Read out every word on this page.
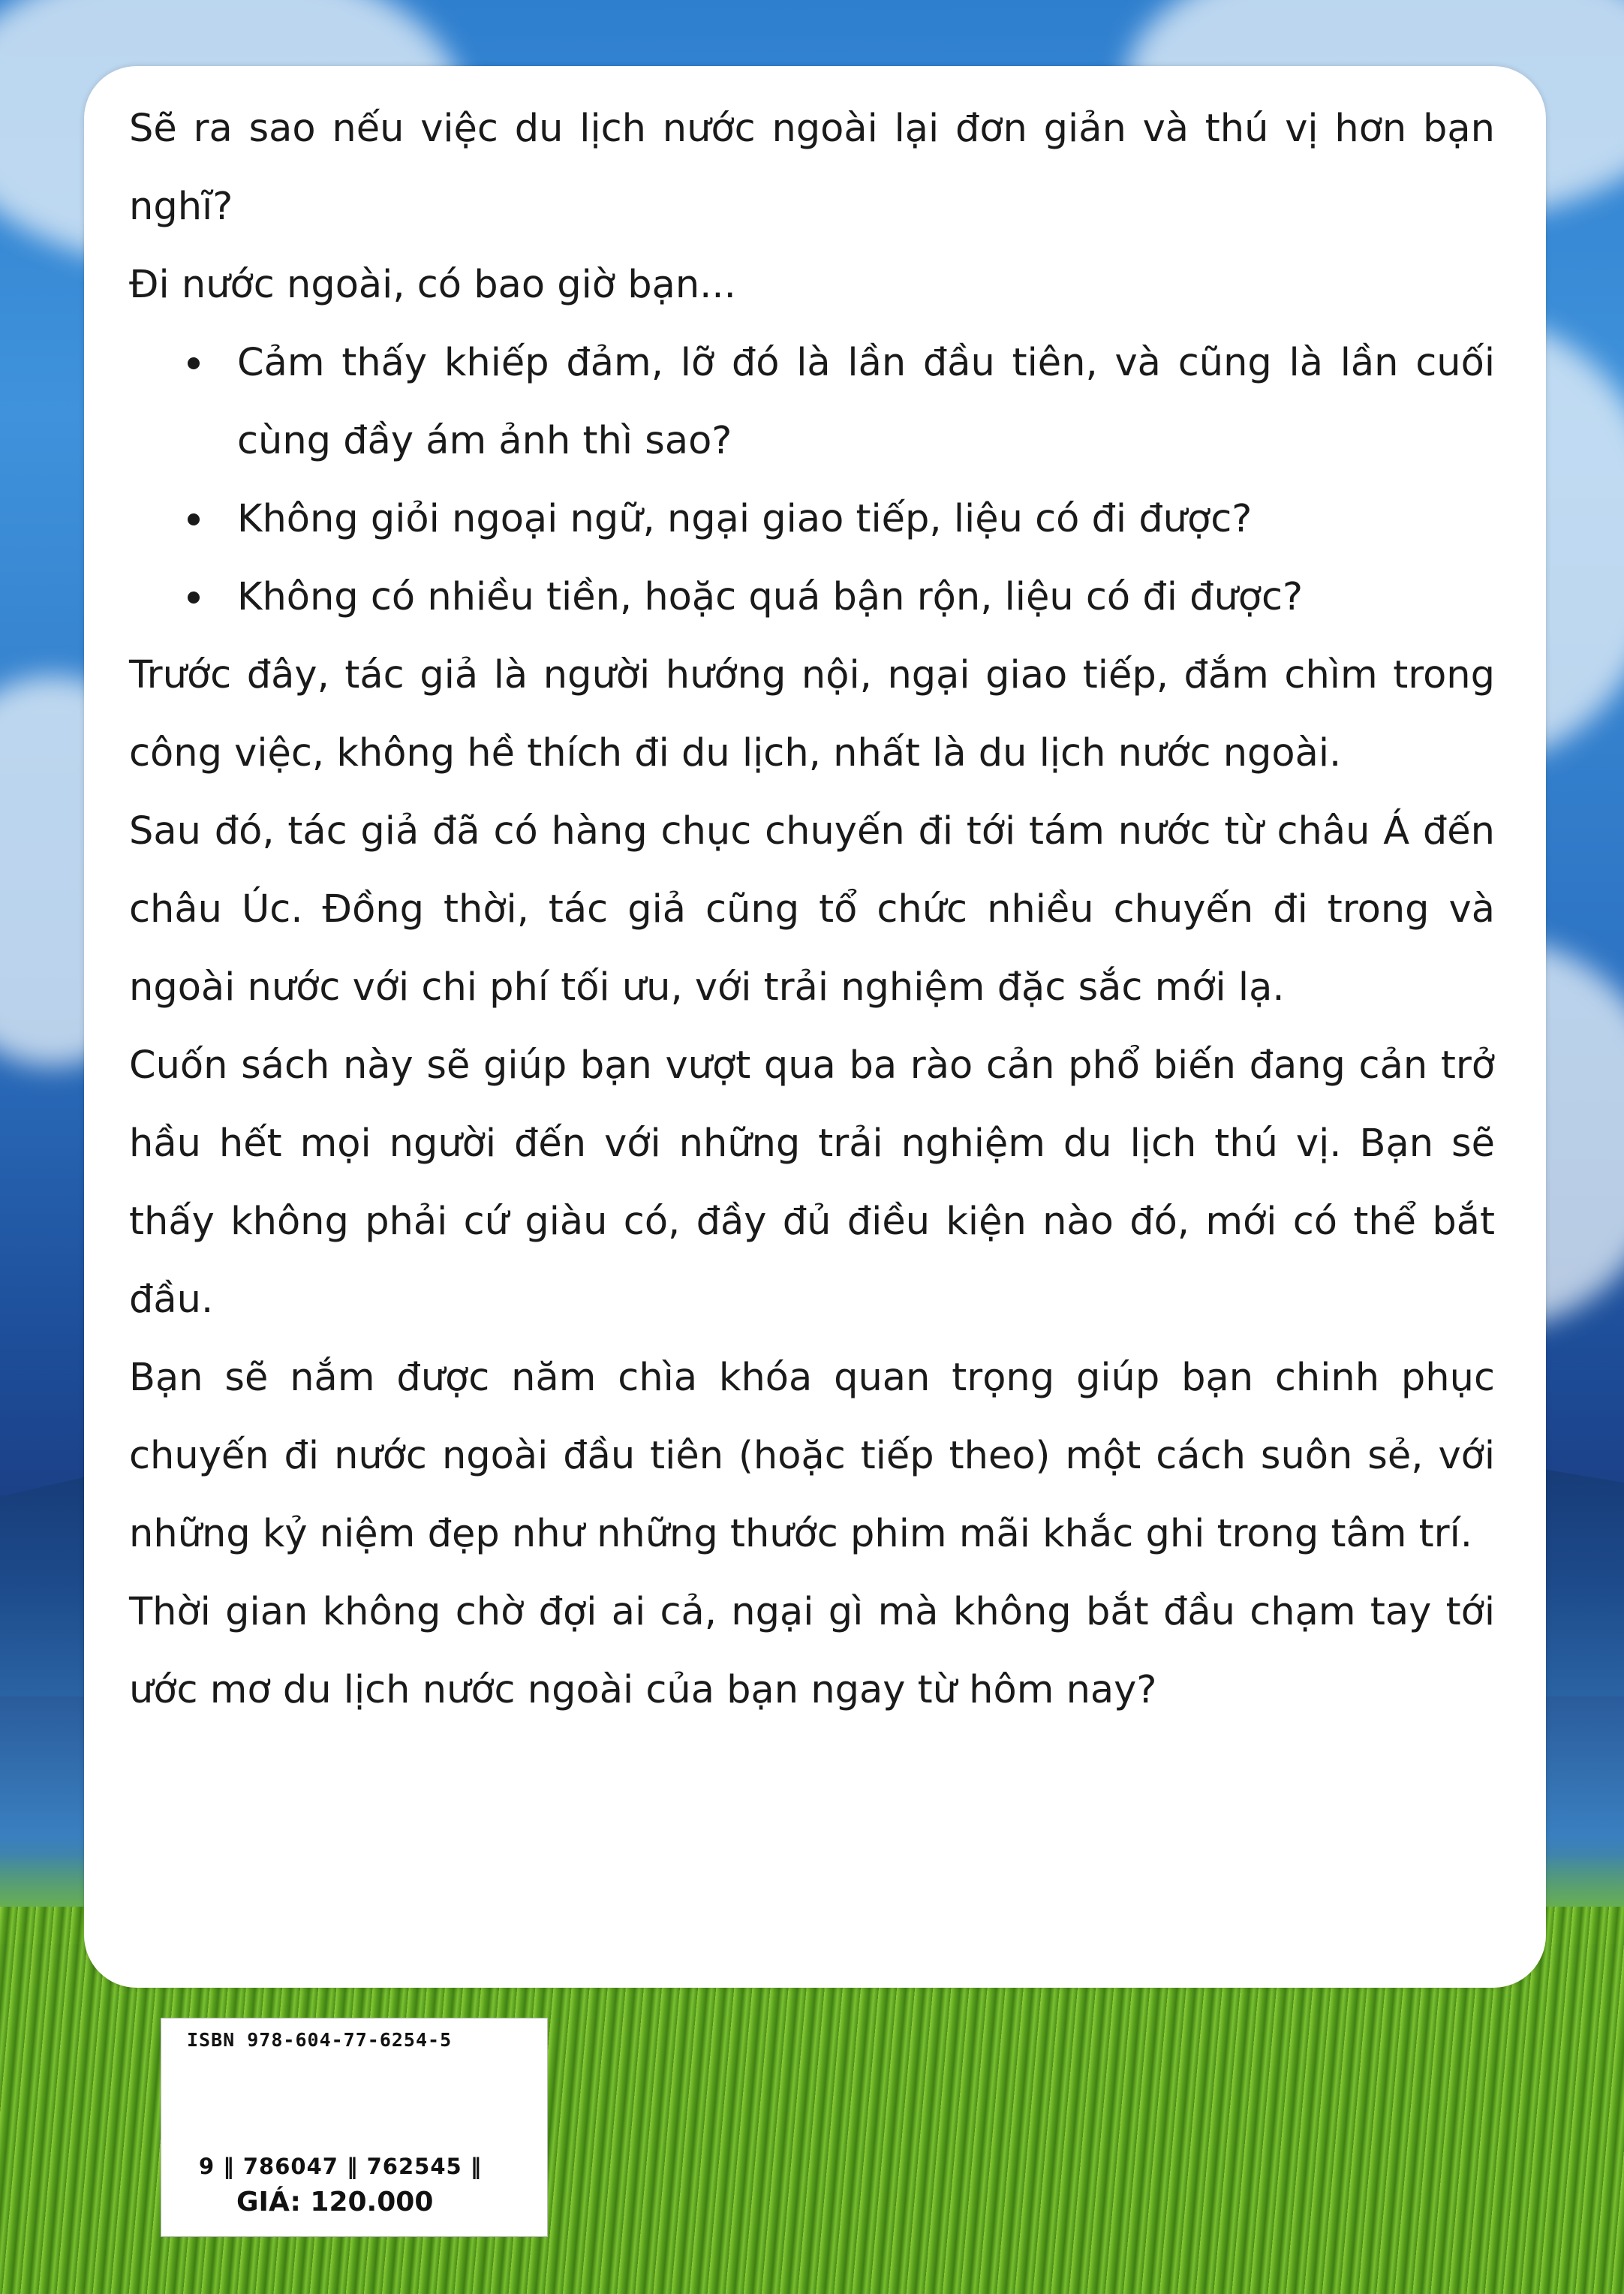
Sẽ ra sao nếu việc du lịch nước ngoài lại đơn giản và thú vị hơn bạn nghĩ?

Đi nước ngoài, có bao giờ bạn...

Cảm thấy khiếp đảm, lỡ đó là lần đầu tiên, và cũng là lần cuối cùng đầy ám ảnh thì sao?
Không giỏi ngoại ngữ, ngại giao tiếp, liệu có đi được?
Không có nhiều tiền, hoặc quá bận rộn, liệu có đi được?

Trước đây, tác giả là người hướng nội, ngại giao tiếp, đắm chìm trong công việc, không hề thích đi du lịch, nhất là du lịch nước ngoài.

Sau đó, tác giả đã có hàng chục chuyến đi tới tám nước từ châu Á đến châu Úc. Đồng thời, tác giả cũng tổ chức nhiều chuyến đi trong và ngoài nước với chi phí tối ưu, với trải nghiệm đặc sắc mới lạ.

Cuốn sách này sẽ giúp bạn vượt qua ba rào cản phổ biến đang cản trở hầu hết mọi người đến với những trải nghiệm du lịch thú vị. Bạn sẽ thấy không phải cứ giàu có, đầy đủ điều kiện nào đó, mới có thể bắt đầu.

Bạn sẽ nắm được năm chìa khóa quan trọng giúp bạn chinh phục chuyến đi nước ngoài đầu tiên (hoặc tiếp theo) một cách suôn sẻ, với những kỷ niệm đẹp như những thước phim mãi khắc ghi trong tâm trí.

Thời gian không chờ đợi ai cả, ngại gì mà không bắt đầu chạm tay tới ước mơ du lịch nước ngoài của bạn ngay từ hôm nay?

ISBN 978-604-77-6254-5
9 ‖ 786047 ‖ 762545 ‖
GIÁ: 120.000
